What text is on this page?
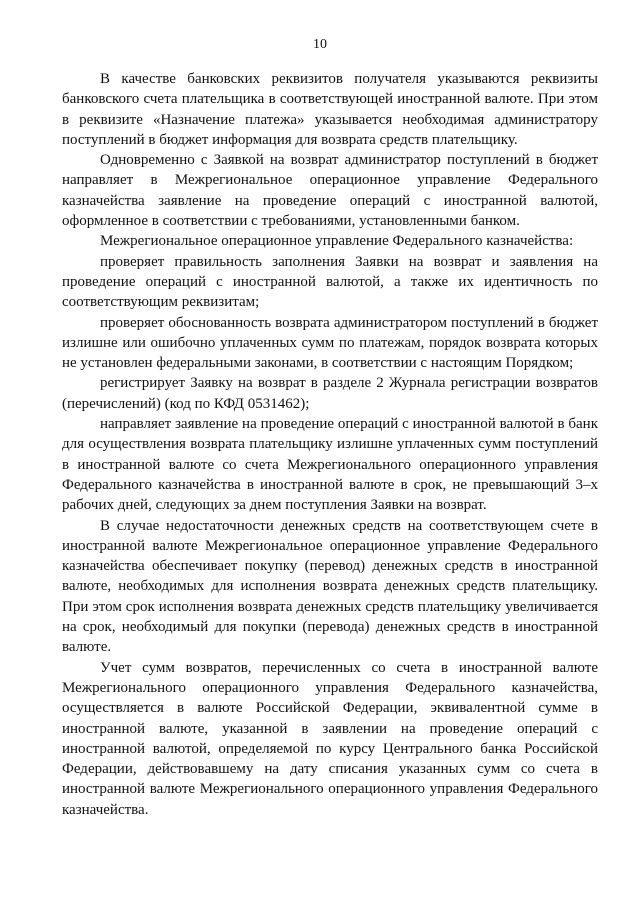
10

В качестве банковских реквизитов получателя указываются реквизиты банковского счета плательщика в соответствующей иностранной валюте. При этом в реквизите «Назначение платежа» указывается необходимая администратору поступлений в бюджет информация для возврата средств плательщику.

Одновременно с Заявкой на возврат администратор поступлений в бюджет направляет в Межрегиональное операционное управление Федерального казначейства заявление на проведение операций с иностранной валютой, оформленное в соответствии с требованиями, установленными банком.

Межрегиональное операционное управление Федерального казначейства:

проверяет правильность заполнения Заявки на возврат и заявления на проведение операций с иностранной валютой, а также их идентичность по соответствующим реквизитам;

проверяет обоснованность возврата администратором поступлений в бюджет излишне или ошибочно уплаченных сумм по платежам, порядок возврата которых не установлен федеральными законами, в соответствии с настоящим Порядком;

регистрирует Заявку на возврат в разделе 2 Журнала регистрации возвратов (перечислений) (код по КФД 0531462);

направляет заявление на проведение операций с иностранной валютой в банк для осуществления возврата плательщику излишне уплаченных сумм поступлений в иностранной валюте со счета Межрегионального операционного управления Федерального казначейства в иностранной валюте в срок, не превышающий 3–х рабочих дней, следующих за днем поступления Заявки на возврат.

В случае недостаточности денежных средств на соответствующем счете в иностранной валюте Межрегиональное операционное управление Федерального казначейства обеспечивает покупку (перевод) денежных средств в иностранной валюте, необходимых для исполнения возврата денежных средств плательщику. При этом срок исполнения возврата денежных средств плательщику увеличивается на срок, необходимый для покупки (перевода) денежных средств в иностранной валюте.

Учет сумм возвратов, перечисленных со счета в иностранной валюте Межрегионального операционного управления Федерального казначейства, осуществляется в валюте Российской Федерации, эквивалентной сумме в иностранной валюте, указанной в заявлении на проведение операций с иностранной валютой, определяемой по курсу Центрального банка Российской Федерации, действовавшему на дату списания указанных сумм со счета в иностранной валюте Межрегионального операционного управления Федерального казначейства.
